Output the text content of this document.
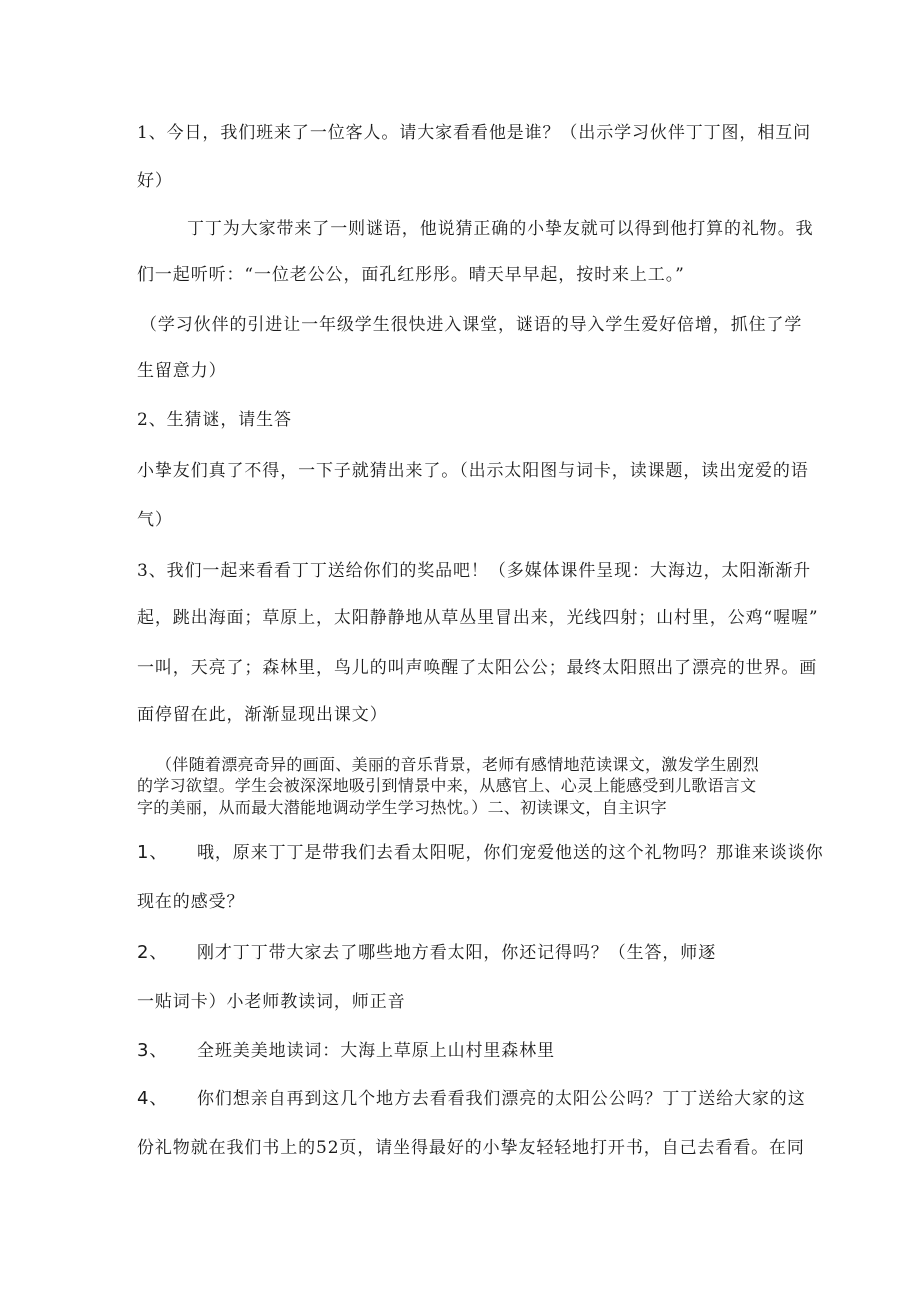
1、今日，我们班来了一位客人。请大家看看他是谁？（出示学习伙伴丁丁图，相互问
好）
丁丁为大家带来了一则谜语，他说猜正确的小挚友就可以得到他打算的礼物。我
们一起听听：“一位老公公，面孔红彤彤。晴天早早起，按时来上工。”
（学习伙伴的引进让一年级学生很快进入课堂，谜语的导入学生爱好倍增，抓住了学
生留意力）
2、生猜谜，请生答
小挚友们真了不得，一下子就猜出来了。（出示太阳图与词卡，读课题，读出宠爱的语
气）
3、我们一起来看看丁丁送给你们的奖品吧！（多媒体课件呈现：大海边，太阳渐渐升
起，跳出海面；草原上，太阳静静地从草丛里冒出来，光线四射；山村里，公鸡“喔喔”
一叫，天亮了；森林里，鸟儿的叫声唤醒了太阳公公；最终太阳照出了漂亮的世界。画
面停留在此，渐渐显现出课文）
（伴随着漂亮奇异的画面、美丽的音乐背景，老师有感情地范读课文，激发学生剧烈
的学习欲望。学生会被深深地吸引到情景中来，从感官上、心灵上能感受到儿歌语言文
字的美丽，从而最大潜能地调动学生学习热忱。）二、初读课文，自主识字
1、 哦，原来丁丁是带我们去看太阳呢，你们宠爱他送的这个礼物吗？那谁来谈谈你
现在的感受？
2、 刚才丁丁带大家去了哪些地方看太阳，你还记得吗？（生答，师逐
一贴词卡）小老师教读词，师正音
3、 全班美美地读词：大海上草原上山村里森林里
4、 你们想亲自再到这几个地方去看看我们漂亮的太阳公公吗？丁丁送给大家的这
份礼物就在我们书上的52页，请坐得最好的小挚友轻轻地打开书，自己去看看。在同
